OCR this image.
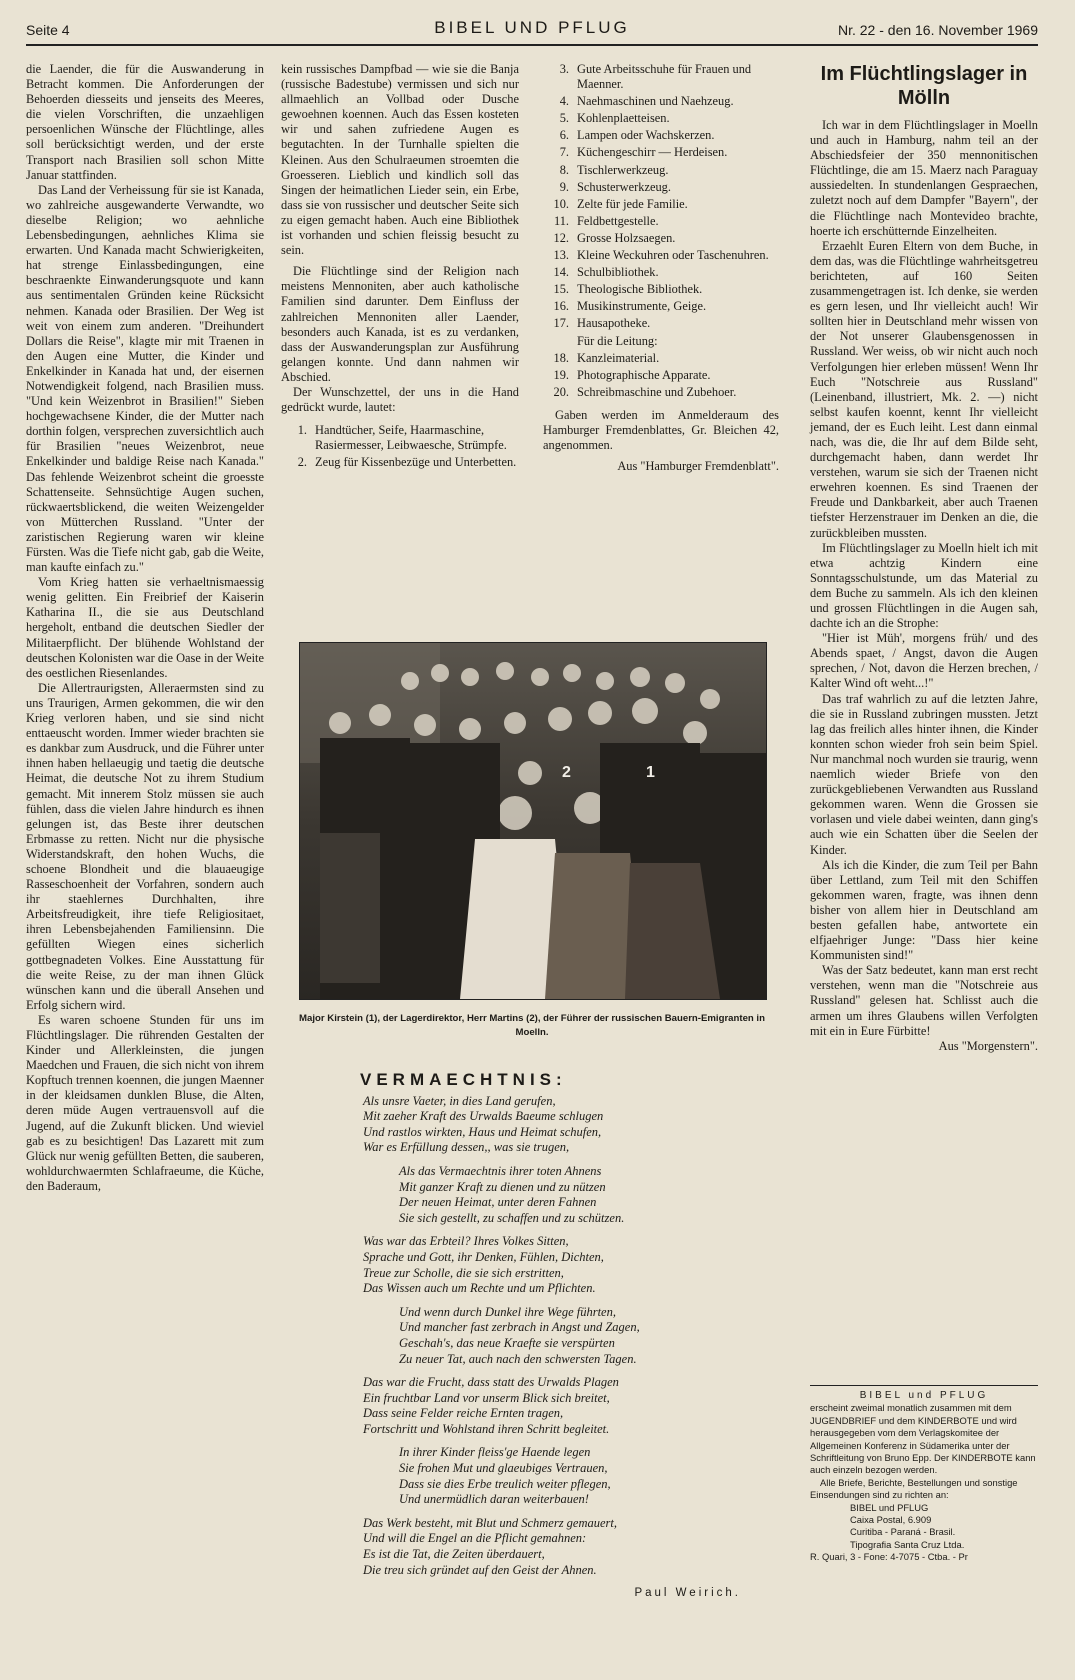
Seite 4	BIBEL UND PFLUG	Nr. 22 - den 16. November 1969

die Laender, die für die Auswanderung in Betracht kommen. Die Anforderungen der Behoerden diesseits und jenseits des Meeres, die vielen Vorschriften, die unzaehligen persoenlichen Wünsche der Flüchtlinge, alles soll berücksichtigt werden, und der erste Transport nach Brasilien soll schon Mitte Januar stattfinden.

Das Land der Verheissung für sie ist Kanada, wo zahlreiche ausgewanderte Verwandte, wo dieselbe Religion; wo aehnliche Lebensbedingungen, aehnliches Klima sie erwarten. Und Kanada macht Schwierigkeiten, hat strenge Einlassbedingungen, eine beschraenkte Einwanderungsquote und kann aus sentimentalen Gründen keine Rücksicht nehmen. Kanada oder Brasilien. Der Weg ist weit von einem zum anderen. "Dreihundert Dollars die Reise", klagte mir mit Traenen in den Augen eine Mutter, die Kinder und Enkelkinder in Kanada hat und, der eisernen Notwendigkeit folgend, nach Brasilien muss. "Und kein Weizenbrot in Brasilien!" Sieben hochgewachsene Kinder, die der Mutter nach dorthin folgen, versprechen zuversichtlich auch für Brasilien "neues Weizenbrot, neue Enkelkinder und baldige Reise nach Kanada." Das fehlende Weizenbrot scheint die groesste Schattenseite. Sehnsüchtige Augen suchen, rückwaertsblickend, die weiten Weizengelder von Mütterchen Russland. "Unter der zaristischen Regierung waren wir kleine Fürsten. Was die Tiefe nicht gab, gab die Weite, man kaufte einfach zu."

Vom Krieg hatten sie verhaeltnismaessig wenig gelitten. Ein Freibrief der Kaiserin Katharina II., die sie aus Deutschland hergeholt, entband die deutschen Siedler der Militaerpflicht. Der blühende Wohlstand der deutschen Kolonisten war die Oase in der Weite des oestlichen Riesenlandes.

Die Allertraurigsten, Alleraermsten sind zu uns Traurigen, Armen gekommen, die wir den Krieg verloren haben, und sie sind nicht enttaeuscht worden. Immer wieder brachten sie es dankbar zum Ausdruck, und die Führer unter ihnen haben hellaeugig und taetig die deutsche Heimat, die deutsche Not zu ihrem Studium gemacht. Mit innerem Stolz müssen sie auch fühlen, dass die vielen Jahre hindurch es ihnen gelungen ist, das Beste ihrer deutschen Erbmasse zu retten. Nicht nur die physische Widerstandskraft, den hohen Wuchs, die schoene Blondheit und die blauaeugige Rasseschoenheit der Vorfahren, sondern auch ihr staehlernes Durchhalten, ihre Arbeitsfreudigkeit, ihre tiefe Religiositaet, ihren Lebensbejahenden Familiensinn. Die gefüllten Wiegen eines sicherlich gottbegnadeten Volkes. Eine Ausstattung für die weite Reise, zu der man ihnen Glück wünschen kann und die überall Ansehen und Erfolg sichern wird.

Es waren schoene Stunden für uns im Flüchtlingslager. Die rührenden Gestalten der Kinder und Allerkleinsten, die jungen Maedchen und Frauen, die sich nicht von ihrem Kopftuch trennen koennen, die jungen Maenner in der kleidsamen dunklen Bluse, die Alten, deren müde Augen vertrauensvoll auf die Jugend, auf die Zukunft blicken. Und wieviel gab es zu besichtigen! Das Lazarett mit zum Glück nur wenig gefüllten Betten, die sauberen, wohldurchwaermten Schlafraeume, die Küche, den Baderaum,

kein russisches Dampfbad — wie sie die Banja (russische Badestube) vermissen und sich nur allmaehlich an Vollbad oder Dusche gewoehnen koennen. Auch das Essen kosteten wir und sahen zufriedene Augen es begutachten. In der Turnhalle spielten die Kleinen. Aus den Schulraeumen stroemten die Groesseren. Lieblich und kindlich soll das Singen der heimatlichen Lieder sein, ein Erbe, dass sie von russischer und deutscher Seite sich zu eigen gemacht haben. Auch eine Bibliothek ist vorhanden und schien fleissig besucht zu sein.

Die Flüchtlinge sind der Religion nach meistens Mennoniten, aber auch katholische Familien sind darunter. Dem Einfluss der zahlreichen Mennoniten aller Laender, besonders auch Kanada, ist es zu verdanken, dass der Auswanderungsplan zur Ausführung gelangen konnte. Und dann nahmen wir Abschied.

Der Wunschzettel, der uns in die Hand gedrückt wurde, lautet:

1. Handtücher, Seife, Haarmaschine, Rasiermesser, Leibwaesche, Strümpfe.
2. Zeug für Kissenbezüge und Unterbetten.
3. Gute Arbeitsschuhe für Frauen und Maenner.
4. Naehmaschinen und Naehzeug.
5. Kohlenplaetteisen.
6. Lampen oder Wachskerzen.
7. Küchengeschirr — Herdeisen.
8. Tischlerwerkzeug.
9. Schusterwerkzeug.
10. Zelte für jede Familie.
11. Feldbettgestelle.
12. Grosse Holzsaegen.
13. Kleine Weckuhren oder Taschenuhren.
14. Schulbibliothek.
15. Theologische Bibliothek.
16. Musikinstrumente, Geige.
17. Hausapotheke.
Für die Leitung:
18. Kanzleimaterial.
19. Photographische Apparate.
20. Schreibmaschine und Zubehoer.

Gaben werden im Anmelderaum des Hamburger Fremdenblattes, Gr. Bleichen 42, angenommen.

Aus "Hamburger Fremdenblatt".

Im Flüchtlingslager in Mölln

Ich war in dem Flüchtlingslager in Moelln und auch in Hamburg, nahm teil an der Abschiedsfeier der 350 mennonitischen Flüchtlinge, die am 15. Maerz nach Paraguay aussiedelten. In stundenlangen Gespraechen, zuletzt noch auf dem Dampfer "Bayern", der die Flüchtlinge nach Montevideo brachte, hoerte ich erschütternde Einzelheiten.

Erzaehlt Euren Eltern von dem Buche, in dem das, was die Flüchtlinge wahrheitsgetreu berichteten, auf 160 Seiten zusammengetragen ist. Ich denke, sie werden es gern lesen, und Ihr vielleicht auch! Wir sollten hier in Deutschland mehr wissen von der Not unserer Glaubensgenossen in Russland. Wer weiss, ob wir nicht auch noch Verfolgungen hier erleben müssen! Wenn Ihr Euch "Notschreie aus Russland" (Leinenband, illustriert, Mk. 2. —) nicht selbst kaufen koennt, kennt Ihr vielleicht jemand, der es Euch leiht. Lest dann einmal nach, was die, die Ihr auf dem Bilde seht, durchgemacht haben, dann werdet Ihr verstehen, warum sie sich der Traenen nicht erwehren koennen. Es sind Traenen der Freude und Dankbarkeit, aber auch Traenen tiefster Herzenstrauer im Denken an die, die zurückbleiben mussten.

Im Flüchtlingslager zu Moelln hielt ich mit etwa achtzig Kindern eine Sonntagsschulstunde, um das Material zu dem Buche zu sammeln. Als ich den kleinen und grossen Flüchtlingen in die Augen sah, dachte ich an die Strophe:

"Hier ist Müh', morgens früh/ und des Abends spaet, / Angst, davon die Augen sprechen, / Not, davon die Herzen brechen, / Kalter Wind oft weht...!"

Das traf wahrlich zu auf die letzten Jahre, die sie in Russland zubringen mussten. Jetzt lag das freilich alles hinter ihnen, die Kinder konnten schon wieder froh sein beim Spiel. Nur manchmal noch wurden sie traurig, wenn naemlich wieder Briefe von den zurückgebliebenen Verwandten aus Russland gekommen waren. Wenn die Grossen sie vorlasen und viele dabei weinten, dann ging's auch wie ein Schatten über die Seelen der Kinder.

Als ich die Kinder, die zum Teil per Bahn über Lettland, zum Teil mit den Schiffen gekommen waren, fragte, was ihnen denn bisher von allem hier in Deutschland am besten gefallen habe, antwortete ein elfjaehriger Junge: "Dass hier keine Kommunisten sind!"

Was der Satz bedeutet, kann man erst recht verstehen, wenn man die "Notschreie aus Russland" gelesen hat. Schlisst auch die armen um ihres Glaubens willen Verfolgten mit ein in Eure Fürbitte!

Aus "Morgenstern".

2	1
Major Kirstein (1), der Lagerdirektor, Herr Martins (2), der Führer der russischen Bauern-Emigranten in Moelln.
VERMAECHTNIS:
Als unsre Vaeter, in dies Land gerufen,
Mit zaeher Kraft des Urwalds Baeume schlugen
Und rastlos wirkten, Haus und Heimat schufen,
War es Erfüllung dessen,, was sie trugen,
Als das Vermaechtnis ihrer toten Ahnens
Mit ganzer Kraft zu dienen und zu nützen
Der neuen Heimat, unter deren Fahnen
Sie sich gestellt, zu schaffen und zu schützen.
Was war das Erbteil? Ihres Volkes Sitten,
Sprache und Gott, ihr Denken, Fühlen, Dichten,
Treue zur Scholle, die sie sich erstritten,
Das Wissen auch um Rechte und um Pflichten.
Und wenn durch Dunkel ihre Wege führten,
Und mancher fast zerbrach in Angst und Zagen,
Geschah's, das neue Kraefte sie verspürten
Zu neuer Tat, auch nach den schwersten Tagen.
Das war die Frucht, dass statt des Urwalds Plagen
Ein fruchtbar Land vor unserm Blick sich breitet,
Dass seine Felder reiche Ernten tragen,
Fortschritt und Wohlstand ihren Schritt begleitet.
In ihrer Kinder fleiss'ge Haende legen
Sie frohen Mut und glaeubiges Vertrauen,
Dass sie dies Erbe treulich weiter pflegen,
Und unermüdlich daran weiterbauen!
Das Werk besteht, mit Blut und Schmerz gemauert,
Und will die Engel an die Pflicht gemahnen:
Es ist die Tat, die Zeiten überdauert,
Die treu sich gründet auf den Geist der Ahnen.
Paul Weirich.
BIBEL und PFLUG

erscheint zweimal monatlich zusammen mit dem JUGENDBRIEF und dem KINDERBOTE und wird herausgegeben vom dem Verlagskomitee der Allgemeinen Konferenz in Südamerika unter der Schriftleitung von Bruno Epp. Der KINDERBOTE kann auch einzeln bezogen werden.

Alle Briefe, Berichte, Bestellungen und sonstige Einsendungen sind zu richten an:

BIBEL und PFLUG
Caixa Postal, 6.909
Curitiba - Paraná - Brasil.
Tipografia Santa Cruz Ltda.
R. Quari, 3 - Fone: 4-7075 - Ctba. - Pr
